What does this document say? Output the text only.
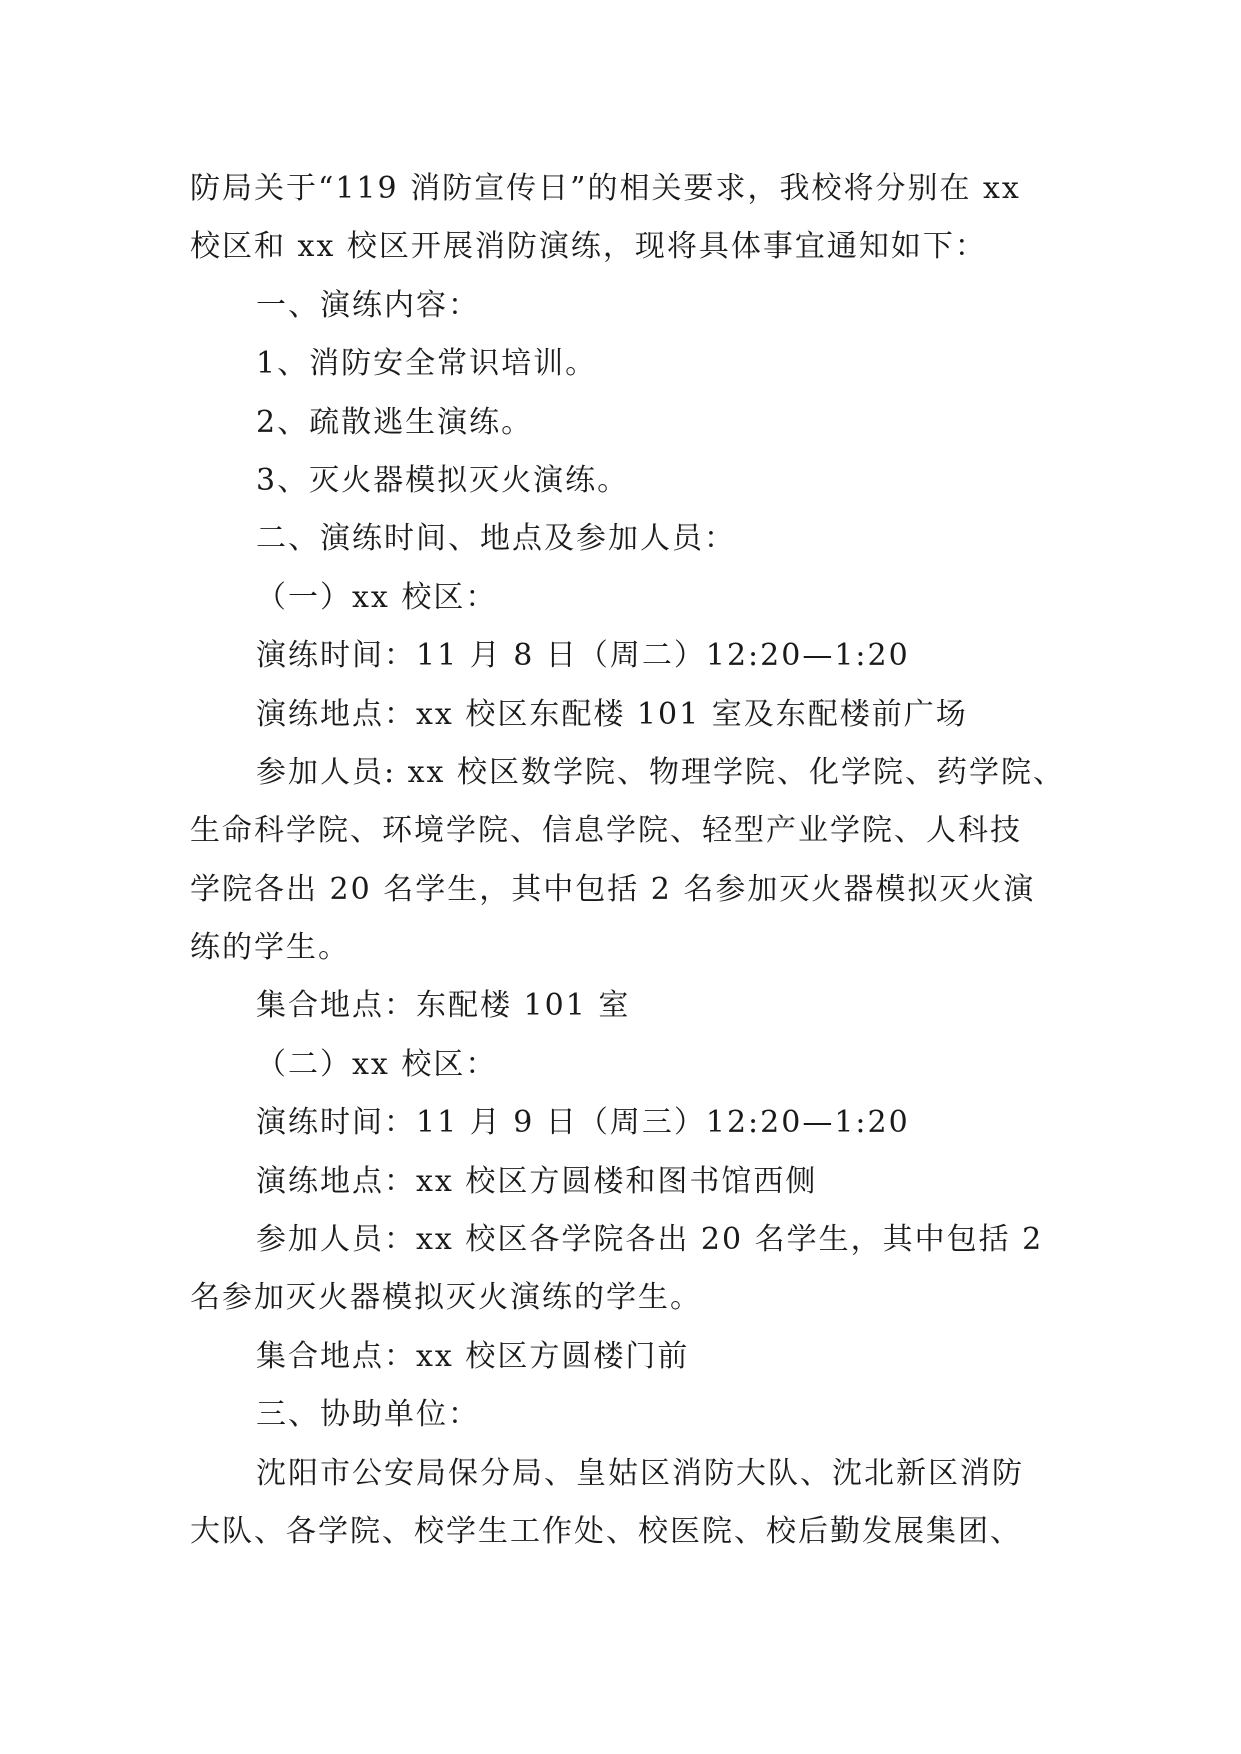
防局关于“119 消防宣传日”的相关要求，我校将分别在 xx
校区和 xx 校区开展消防演练，现将具体事宜通知如下：
一、演练内容：
1、消防安全常识培训。
2、疏散逃生演练。
3、灭火器模拟灭火演练。
二、演练时间、地点及参加人员：
（一）xx 校区：
演练时间：11 月 8 日（周二）12:20—1:20
演练地点：xx 校区东配楼 101 室及东配楼前广场
参加人员: xx 校区数学院、物理学院、化学院、药学院、
生命科学院、环境学院、信息学院、轻型产业学院、人科技
学院各出 20 名学生，其中包括 2 名参加灭火器模拟灭火演
练的学生。
集合地点：东配楼 101 室
（二）xx 校区：
演练时间：11 月 9 日（周三）12:20—1:20
演练地点：xx 校区方圆楼和图书馆西侧
参加人员：xx 校区各学院各出 20 名学生，其中包括 2
名参加灭火器模拟灭火演练的学生。
集合地点：xx 校区方圆楼门前
三、协助单位：
沈阳市公安局保分局、皇姑区消防大队、沈北新区消防
大队、各学院、校学生工作处、校医院、校后勤发展集团、
